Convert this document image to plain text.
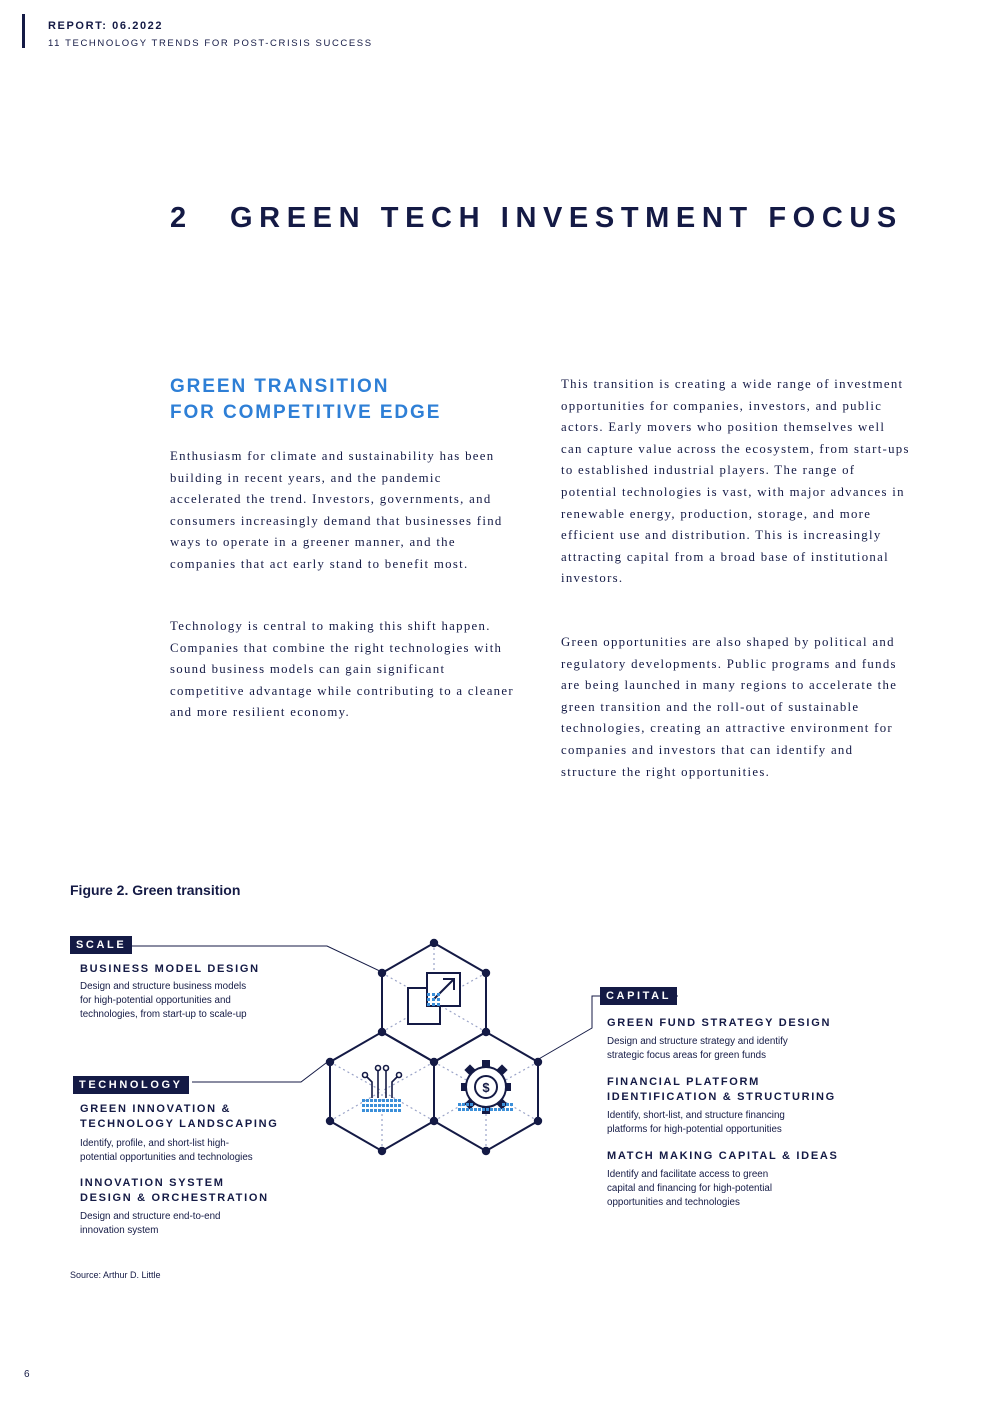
REPORT: 06.2022
11 TECHNOLOGY TRENDS FOR POST-CRISIS SUCCESS
2 GREEN TECH INVESTMENT FOCUS
GREEN TRANSITION
FOR COMPETITIVE EDGE
Enthusiasm for climate and sustainability has been building in recent years, and the pandemic accelerated the trend. Investors, governments, and consumers increasingly demand that businesses find ways to operate in a greener manner, and the companies that act early stand to benefit most.
Technology is central to making this shift happen. Companies that combine the right technologies with sound business models can gain significant competitive advantage while contributing to a cleaner and more resilient economy.
This transition is creating a wide range of investment opportunities for companies, investors, and public actors. Early movers who position themselves well can capture value across the ecosystem, from start-ups to established industrial players. The range of potential technologies is vast, with major advances in renewable energy, production, storage, and more efficient use and distribution. This is increasingly attracting capital from a broad base of institutional investors.
Green opportunities are also shaped by political and regulatory developments. Public programs and funds are being launched in many regions to accelerate the green transition and the roll-out of sustainable technologies, creating an attractive environment for companies and investors that can identify and structure the right opportunities.
Figure 2. Green transition
$
SCALE
BUSINESS MODEL DESIGN
Design and structure business models
for high-potential opportunities and
technologies, from start-up to scale-up
TECHNOLOGY
GREEN INNOVATION &
TECHNOLOGY LANDSCAPING
Identify, profile, and short-list high-
potential opportunities and technologies
INNOVATION SYSTEM
DESIGN & ORCHESTRATION
Design and structure end-to-end
innovation system
CAPITAL
GREEN FUND STRATEGY DESIGN
Design and structure strategy and identify
strategic focus areas for green funds
FINANCIAL PLATFORM
IDENTIFICATION & STRUCTURING
Identify, short-list, and structure financing
platforms for high-potential opportunities
MATCH MAKING CAPITAL & IDEAS
Identify and facilitate access to green
capital and financing for high-potential
opportunities and technologies
Source: Arthur D. Little
6
